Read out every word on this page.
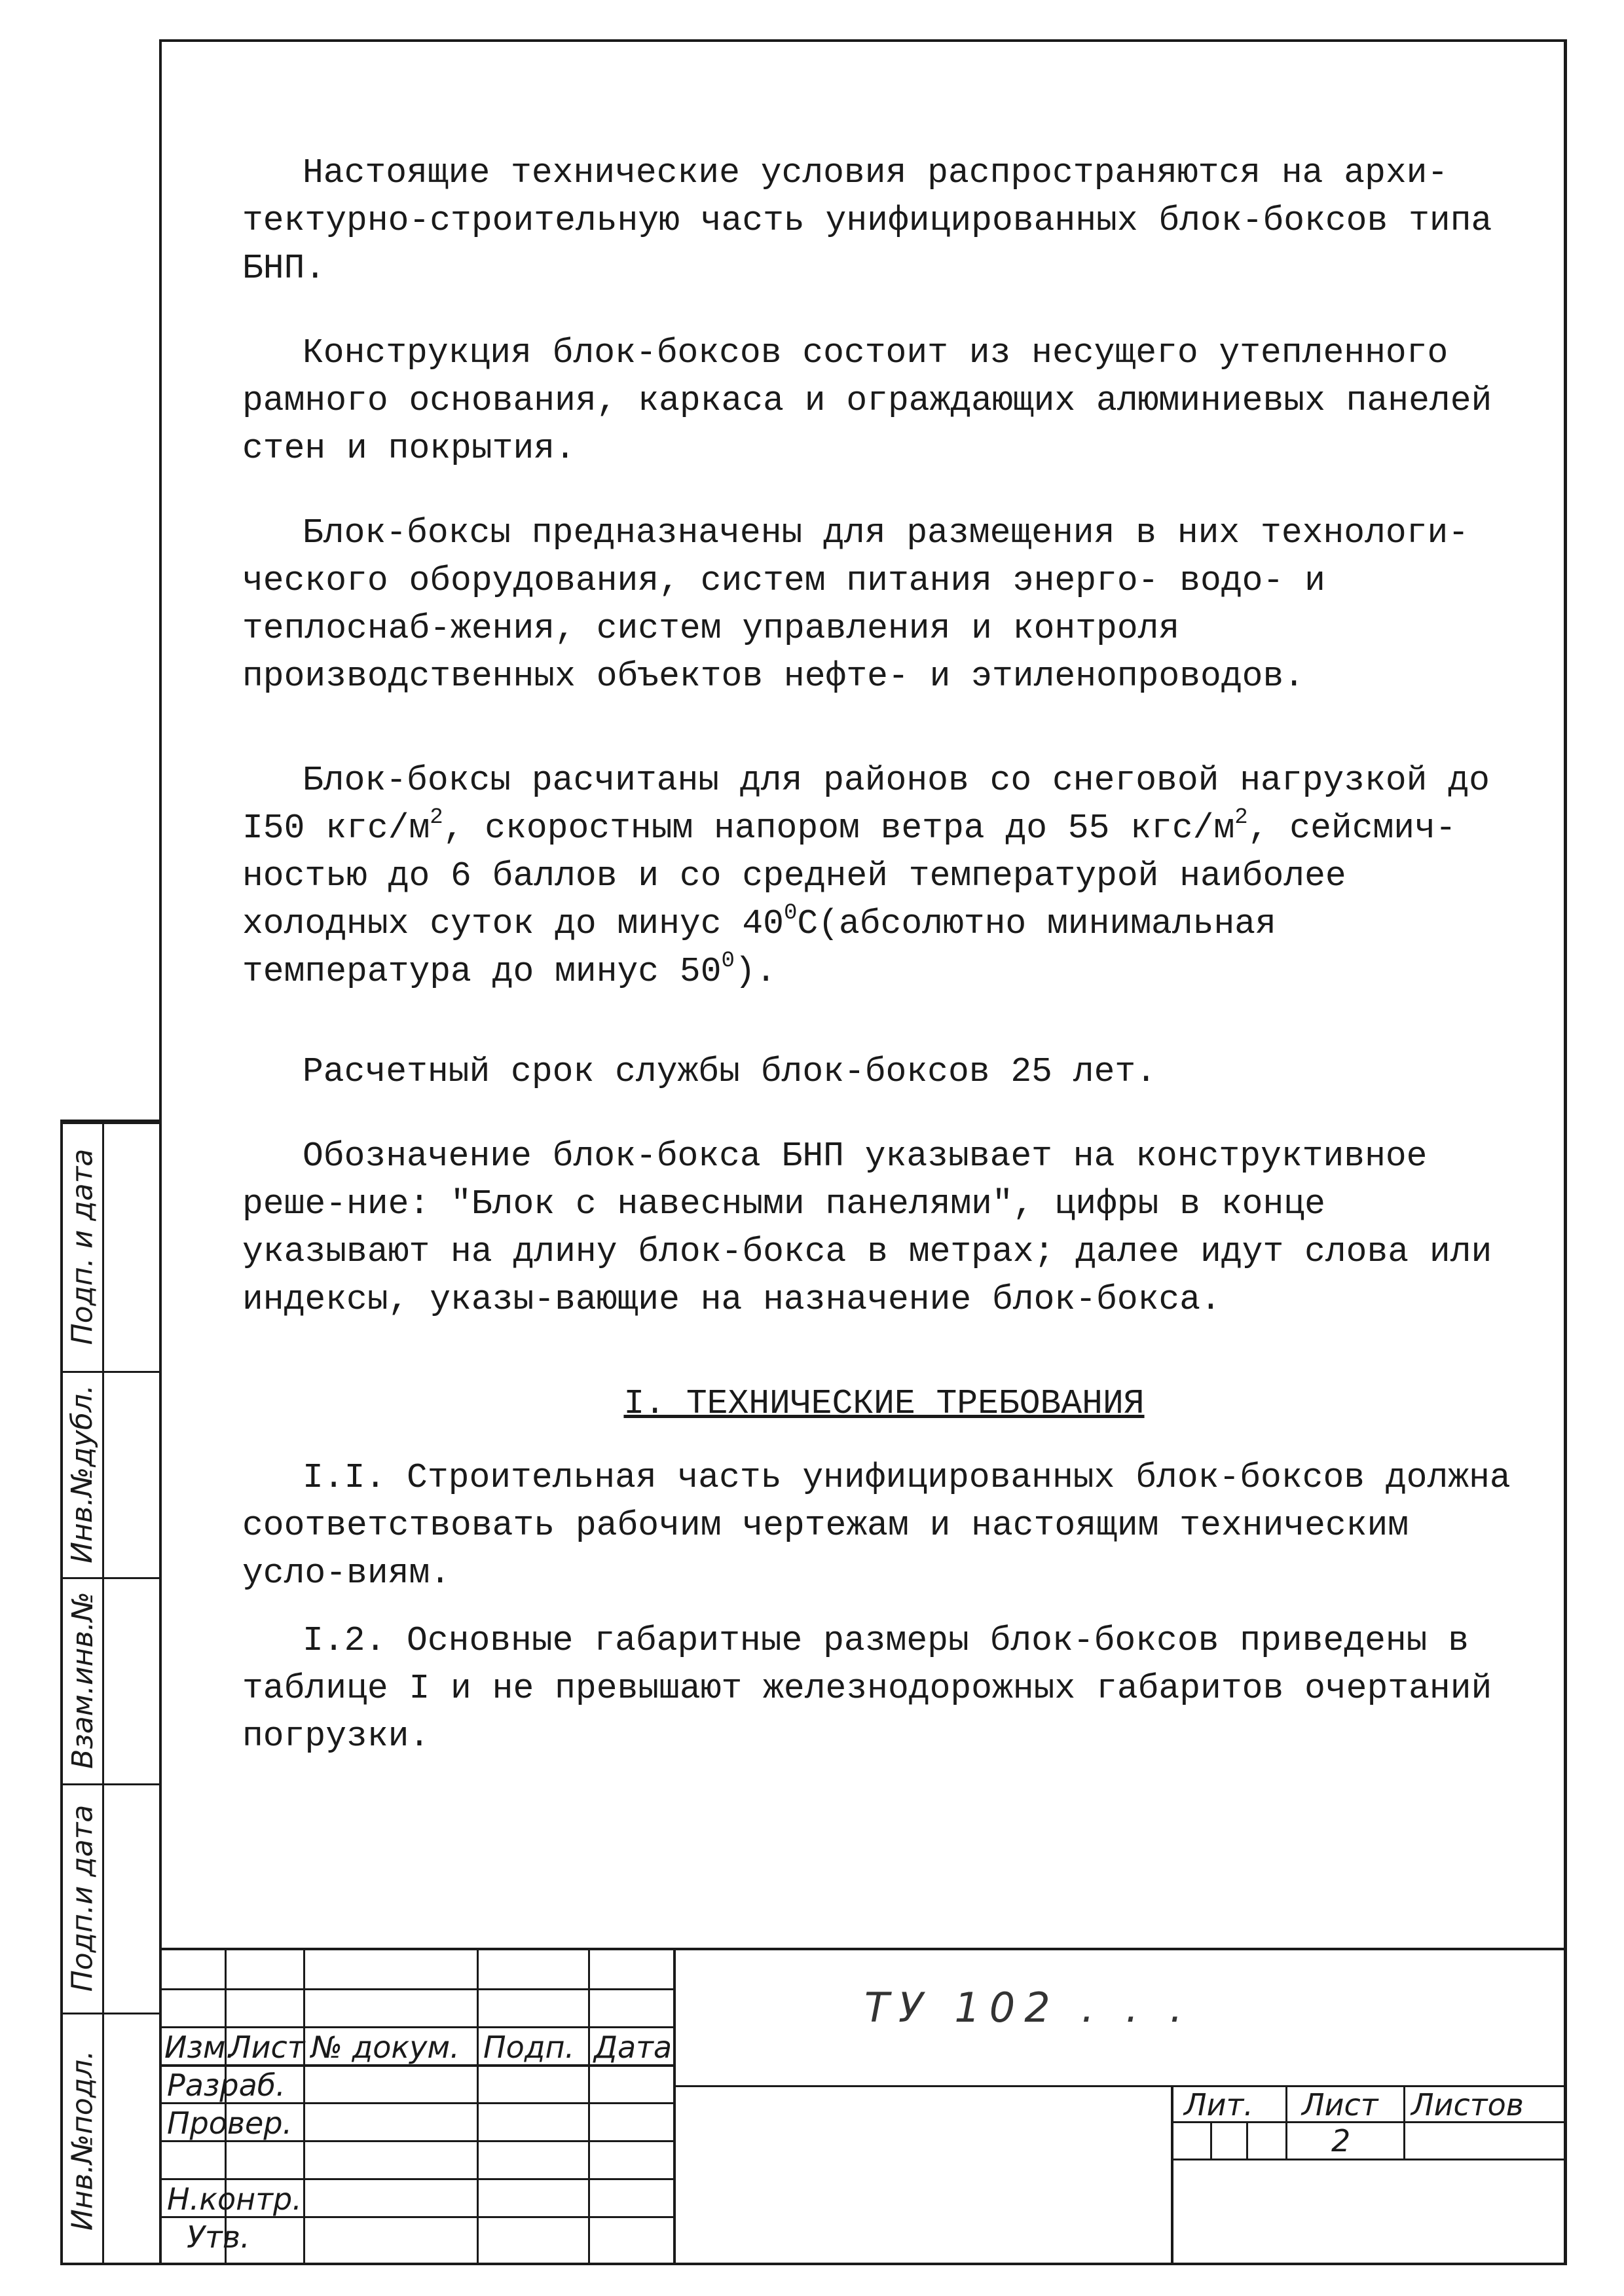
Подп. и дата
Инв.№дубл.
Взам.инв.№
Подп.и дата
Инв.№подл.

Настоящие технические условия распространяются на архи-тектурно-строительную часть унифицированных блок-боксов типа БНП.

Конструкция блок-боксов состоит из несущего утепленного рамного основания, каркаса и ограждающих алюминиевых панелей стен и покрытия.

Блок-боксы предназначены для размещения в них технологи-ческого оборудования, систем питания энерго- водо- и теплоснаб-жения, систем управления и контроля производственных объектов нефте- и этиленопроводов.

Блок-боксы расчитаны для районов со снеговой нагрузкой до I50 кгс/$м^2$, скоростным напором ветра до 55 кгс/$м^2$, сейсмич-ностью до 6 баллов и со средней температурой наиболее холодных суток до минус $40^0С(абсолютно$ минимальная температура до минус $50^0$).

Расчетный срок службы блок-боксов 25 лет.

Обозначение блок-бокса БНП указывает на конструктивное реше-ние: "Блок с навесными панелями", цифры в конце указывают на длину блок-бокса в метрах; далее идут слова или индексы, указы-вающие на назначение блок-бокса.

I. ТЕХНИЧЕСКИЕ ТРЕБОВАНИЯ

I.I. Строительная часть унифицированных блок-боксов должна соответствовать рабочим чертежам и настоящим техническим усло-виям.

I.2. Основные габаритные размеры блок-боксов приведены в таблице I и не превышают железнодорожных габаритов очертаний погрузки.

Изм.
Лист № докум. Подп. Дата
Разраб.
Провер.
Н.контр.
Утв.
Лит. Лист Листов
2
ТУ 102 . . .
